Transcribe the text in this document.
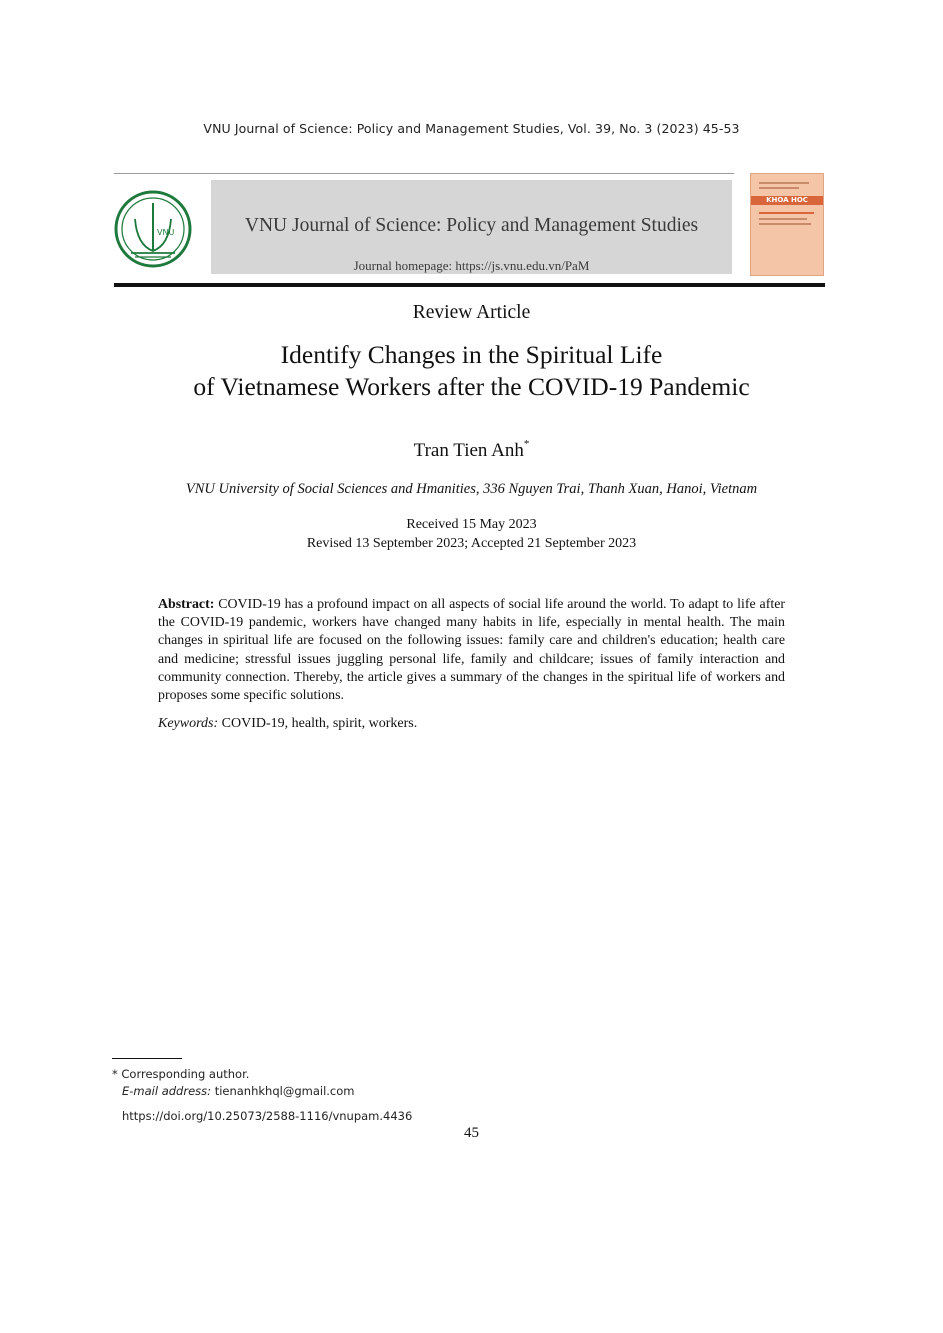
VNU Journal of Science: Policy and Management Studies, Vol. 39, No. 3 (2023) 45-53
VNU	VNU Journal of Science: Policy and Management Studies
Journal homepage: https://js.vnu.edu.vn/PaM
KHOA HOC
Review Article
Identify Changes in the Spiritual Life
of Vietnamese Workers after the COVID-19 Pandemic
Tran Tien Anh*
VNU University of Social Sciences and Hmanities, 336 Nguyen Trai, Thanh Xuan, Hanoi, Vietnam
Received 15 May 2023
Revised 13 September 2023; Accepted 21 September 2023
Abstract: COVID-19 has a profound impact on all aspects of social life around the world. To adapt to life after the COVID-19 pandemic, workers have changed many habits in life, especially in mental health. The main changes in spiritual life are focused on the following issues: family care and children's education; health care and medicine; stressful issues juggling personal life, family and childcare; issues of family interaction and community connection. Thereby, the article gives a summary of the changes in the spiritual life of workers and proposes some specific solutions.
Keywords: COVID-19, health, spirit, workers.
* Corresponding author.
E-mail address: tienanhkhql@gmail.com
https://doi.org/10.25073/2588-1116/vnupam.4436
45
